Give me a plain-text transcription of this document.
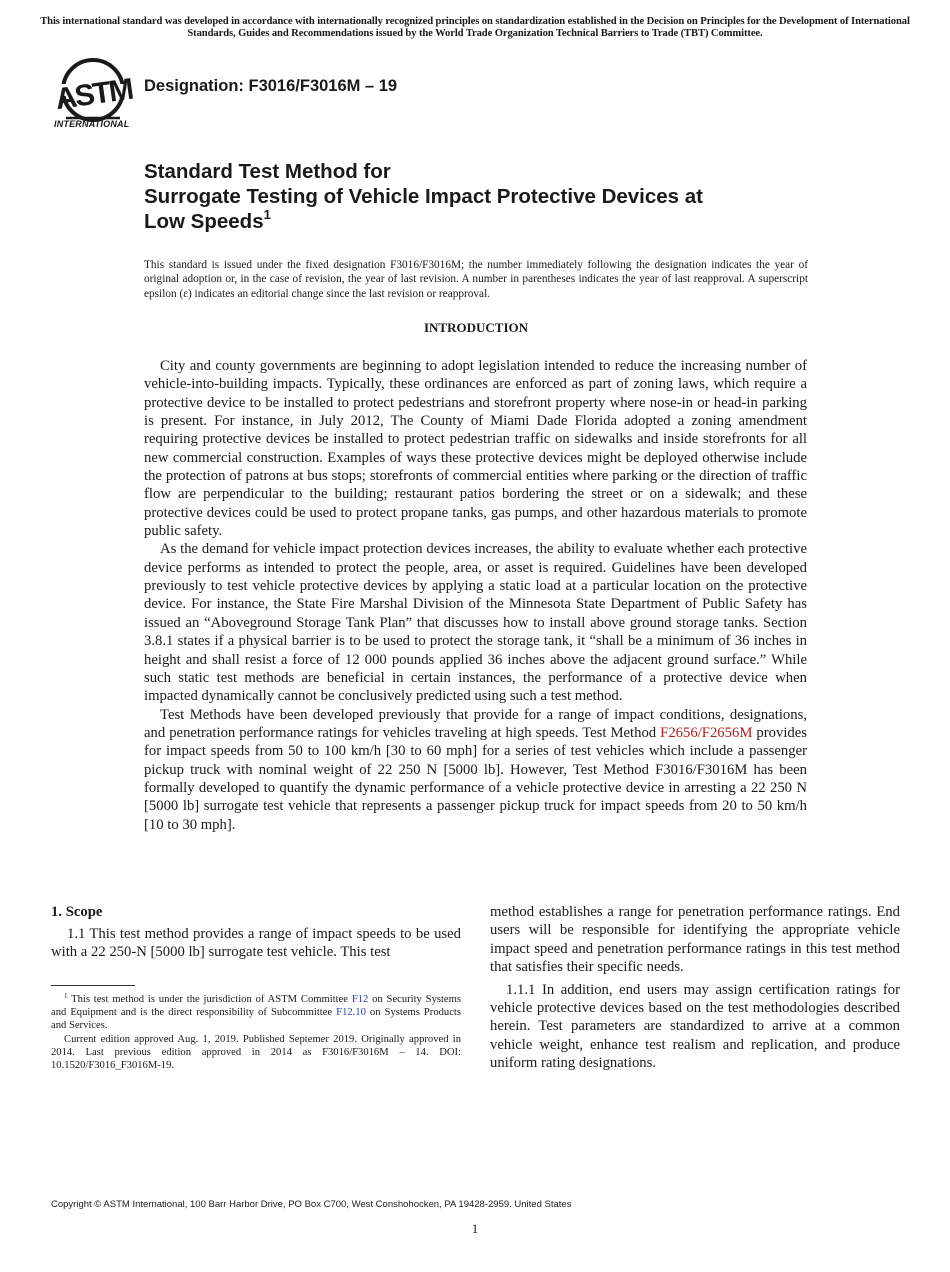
This international standard was developed in accordance with internationally recognized principles on standardization established in the Decision on Principles for the Development of International Standards, Guides and Recommendations issued by the World Trade Organization Technical Barriers to Trade (TBT) Committee.
ASTM
INTERNATIONAL
Designation: F3016/F3016M – 19
Standard Test Method for
Surrogate Testing of Vehicle Impact Protective Devices at
Low Speeds$^1$
This standard is issued under the fixed designation F3016/F3016M; the number immediately following the designation indicates the year of original adoption or, in the case of revision, the year of last revision. A number in parentheses indicates the year of last reapproval. A superscript epsilon (ε) indicates an editorial change since the last revision or reapproval.
INTRODUCTION

City and county governments are beginning to adopt legislation intended to reduce the increasing number of vehicle-into-building impacts. Typically, these ordinances are enforced as part of zoning laws, which require a protective device to be installed to protect pedestrians and storefront property where nose-in or head-in parking is present. For instance, in July 2012, The County of Miami Dade Florida adopted a zoning amendment requiring protective devices be installed to protect pedestrian traffic on sidewalks and inside storefronts for all new commercial construction. Examples of ways these protective devices might be deployed otherwise include the protection of patrons at bus stops; storefronts of commercial entities where parking or the direction of traffic flow are perpendicular to the building; restaurant patios bordering the street or on a sidewalk; and these protective devices could be used to protect propane tanks, gas pumps, and other hazardous materials to promote public safety.

As the demand for vehicle impact protection devices increases, the ability to evaluate whether each protective device performs as intended to protect the people, area, or asset is required. Guidelines have been developed previously to test vehicle protective devices by applying a static load at a particular location on the protective device. For instance, the State Fire Marshal Division of the Minnesota State Department of Public Safety has issued an “Aboveground Storage Tank Plan” that discusses how to install above ground storage tanks. Section 3.8.1 states if a physical barrier is to be used to protect the storage tank, it “shall be a minimum of 36 inches in height and shall resist a force of 12 000 pounds applied 36 inches above the adjacent ground surface.” While such static test methods are beneficial in certain instances, the performance of a protective device when impacted dynamically cannot be conclusively predicted using such a test method.

Test Methods have been developed previously that provide for a range of impact conditions, designations, and penetration performance ratings for vehicles traveling at high speeds. Test Method F2656/F2656M provides for impact speeds from 50 to 100 km/h [30 to 60 mph] for a series of test vehicles which include a passenger pickup truck with nominal weight of 22 250 N [5000 lb]. However, Test Method F3016/F3016M has been formally developed to quantify the dynamic performance of a vehicle protective device in arresting a 22 250 N [5000 lb] surrogate test vehicle that represents a passenger pickup truck for impact speeds from 20 to 50 km/h [10 to 30 mph].

1. Scope

1.1 This test method provides a range of impact speeds to be used with a 22 250-N [5000 lb] surrogate test vehicle. This test

$^1$ This test method is under the jurisdiction of ASTM Committee F12 on Security Systems and Equipment and is the direct responsibility of Subcommittee F12.10 on Systems Products and Services.

Current edition approved Aug. 1, 2019. Published Septemer 2019. Originally approved in 2014. Last previous edition approved in 2014 as F3016/F3016M – 14. DOI: 10.1520/F3016_F3016M-19.

method establishes a range for penetration performance ratings. End users will be responsible for identifying the appropriate vehicle impact speed and penetration performance ratings in this test method that satisfies their specific needs.

1.1.1 In addition, end users may assign certification ratings for vehicle protective devices based on the test methodologies described herein. Test parameters are standardized to arrive at a common vehicle weight, enhance test realism and replication, and produce uniform rating designations.

Copyright © ASTM International, 100 Barr Harbor Drive, PO Box C700, West Conshohocken, PA 19428-2959. United States
1
